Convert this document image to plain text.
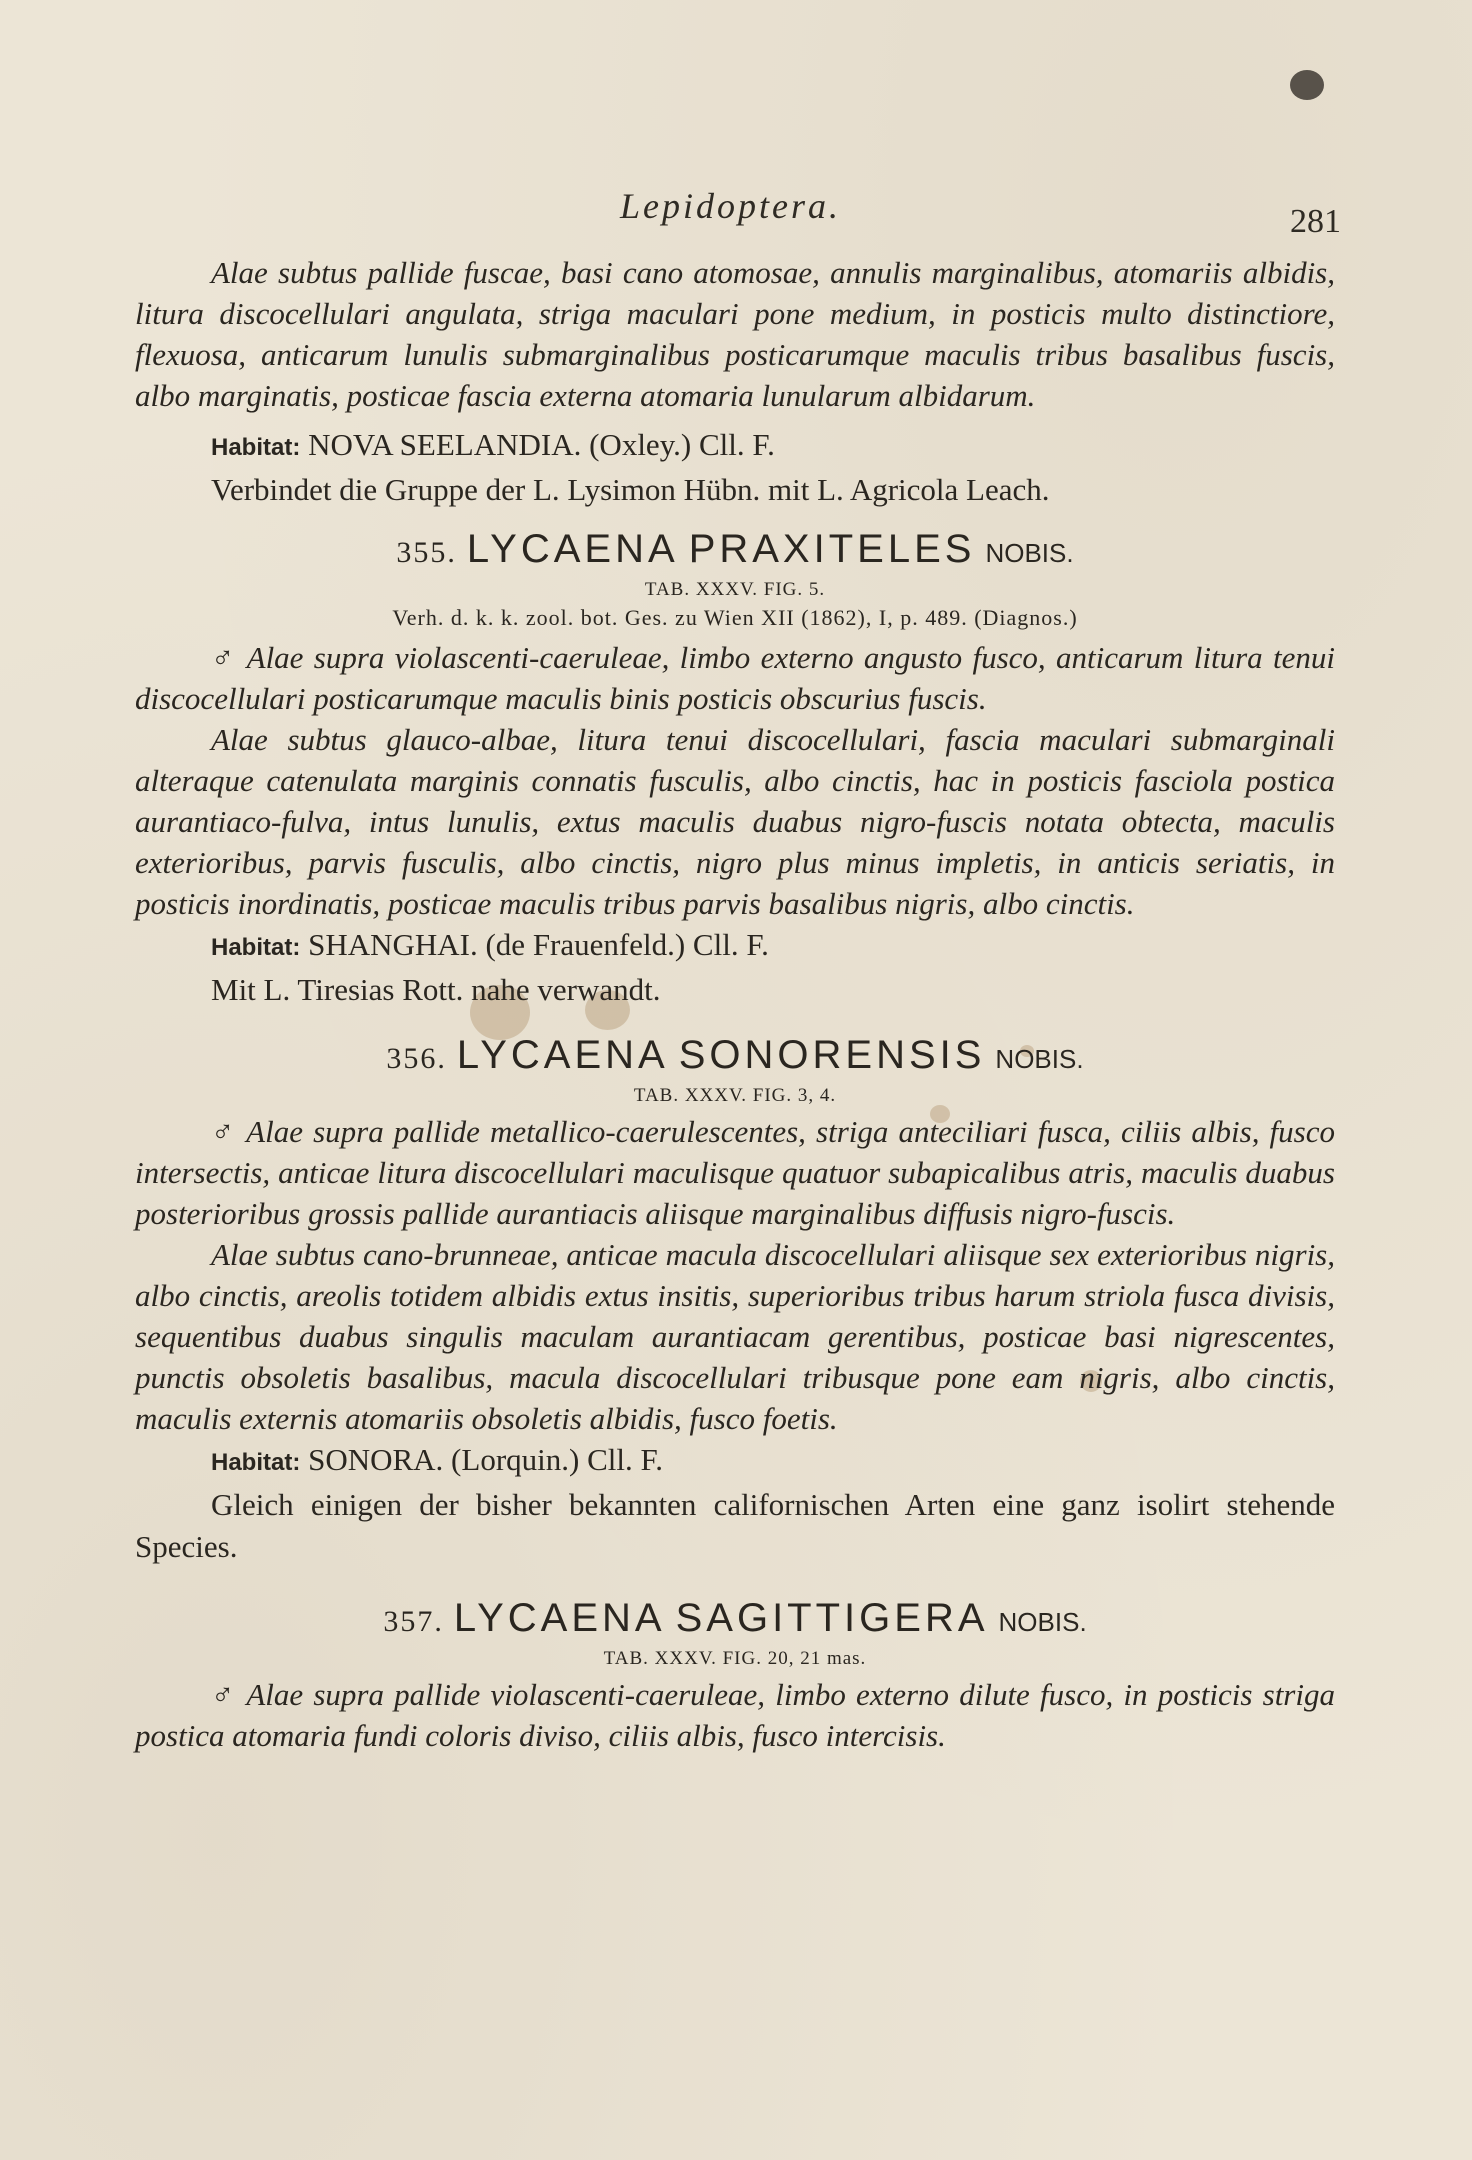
Lepidoptera.	281

Alae subtus pallide fuscae, basi cano atomosae, annulis marginalibus, atomariis albidis, litura discocellulari angulata, striga maculari pone medium, in posticis multo distinctiore, flexuosa, anticarum lunulis submarginalibus posticarumque maculis tribus basalibus fuscis, albo marginatis, posticae fascia externa atomaria lunularum albidarum.

Habitat: NOVA SEELANDIA. (Oxley.) Cll. F.

Verbindet die Gruppe der L. Lysimon Hübn. mit L. Agricola Leach.

355. LYCAENA PRAXITELES NOBIS.
TAB. XXXV. FIG. 5.
Verh. d. k. k. zool. bot. Ges. zu Wien XII (1862), I, p. 489. (Diagnos.)

♂ Alae supra violascenti-caeruleae, limbo externo angusto fusco, anticarum litura tenui discocellulari posticarumque maculis binis posticis obscurius fuscis.

Alae subtus glauco-albae, litura tenui discocellulari, fascia maculari submarginali alteraque catenulata marginis connatis fusculis, albo cinctis, hac in posticis fasciola postica aurantiaco-fulva, intus lunulis, extus maculis duabus nigro-fuscis notata obtecta, maculis exterioribus, parvis fusculis, albo cinctis, nigro plus minus impletis, in anticis seriatis, in posticis inordinatis, posticae maculis tribus parvis basalibus nigris, albo cinctis.

Habitat: SHANGHAI. (de Frauenfeld.) Cll. F.

Mit L. Tiresias Rott. nahe verwandt.

356. LYCAENA SONORENSIS NOBIS.
TAB. XXXV. FIG. 3, 4.

♂ Alae supra pallide metallico-caerulescentes, striga anteciliari fusca, ciliis albis, fusco intersectis, anticae litura discocellulari maculisque quatuor subapicalibus atris, maculis duabus posterioribus grossis pallide aurantiacis aliisque marginalibus diffusis nigro-fuscis.

Alae subtus cano-brunneae, anticae macula discocellulari aliisque sex exterioribus nigris, albo cinctis, areolis totidem albidis extus insitis, superioribus tribus harum striola fusca divisis, sequentibus duabus singulis maculam aurantiacam gerentibus, posticae basi nigrescentes, punctis obsoletis basalibus, macula discocellulari tribusque pone eam nigris, albo cinctis, maculis externis atomariis obsoletis albidis, fusco foetis.

Habitat: SONORA. (Lorquin.) Cll. F.

Gleich einigen der bisher bekannten californischen Arten eine ganz isolirt stehende Species.

357. LYCAENA SAGITTIGERA NOBIS.
TAB. XXXV. FIG. 20, 21 mas.

♂ Alae supra pallide violascenti-caeruleae, limbo externo dilute fusco, in posticis striga postica atomaria fundi coloris diviso, ciliis albis, fusco intercisis.
